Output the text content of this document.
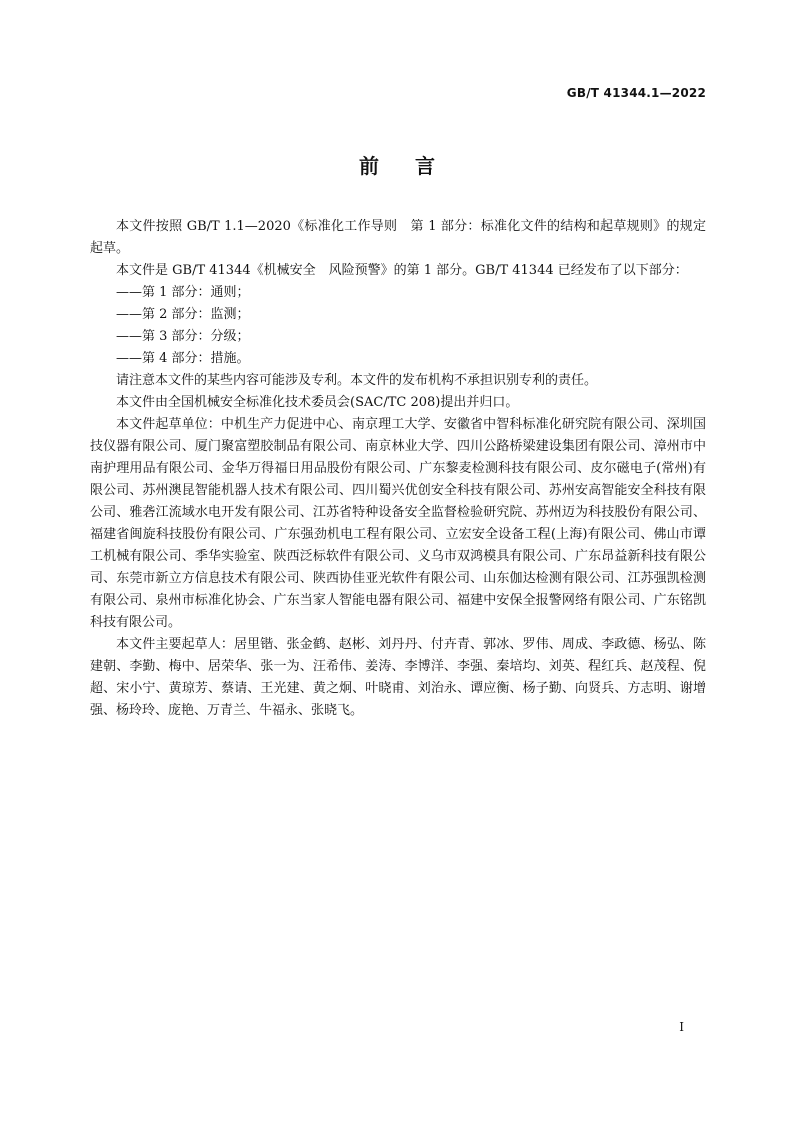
GB/T 41344.1—2022
前 言

本文件按照 GB/T 1.1—2020《标准化工作导则　第 1 部分：标准化文件的结构和起草规则》的规定起草。

本文件是 GB/T 41344《机械安全　风险预警》的第 1 部分。GB/T 41344 已经发布了以下部分：

——第 1 部分：通则；

——第 2 部分：监测；

——第 3 部分：分级；

——第 4 部分：措施。

请注意本文件的某些内容可能涉及专利。本文件的发布机构不承担识别专利的责任。

本文件由全国机械安全标准化技术委员会(SAC/TC 208)提出并归口。

本文件起草单位：中机生产力促进中心、南京理工大学、安徽省中智科标准化研究院有限公司、深圳国技仪器有限公司、厦门聚富塑胶制品有限公司、南京林业大学、四川公路桥梁建设集团有限公司、漳州市中南护理用品有限公司、金华万得福日用品股份有限公司、广东黎麦检测科技有限公司、皮尔磁电子(常州)有限公司、苏州澳昆智能机器人技术有限公司、四川蜀兴优创安全科技有限公司、苏州安高智能安全科技有限公司、雅砻江流域水电开发有限公司、江苏省特种设备安全监督检验研究院、苏州迈为科技股份有限公司、福建省闽旋科技股份有限公司、广东强劲机电工程有限公司、立宏安全设备工程(上海)有限公司、佛山市谭工机械有限公司、季华实验室、陕西泛标软件有限公司、义乌市双鸿模具有限公司、广东昂益新科技有限公司、东莞市新立方信息技术有限公司、陕西协佳亚光软件有限公司、山东伽达检测有限公司、江苏强凯检测有限公司、泉州市标准化协会、广东当家人智能电器有限公司、福建中安保全报警网络有限公司、广东铭凯科技有限公司。

本文件主要起草人：居里锴、张金鹤、赵彬、刘丹丹、付卉青、郭冰、罗伟、周成、李政德、杨弘、陈建朝、李勤、梅中、居荣华、张一为、汪希伟、姜涛、李博洋、李强、秦培均、刘英、程红兵、赵茂程、倪超、宋小宁、黄琼芳、蔡请、王光建、黄之炯、叶晓甫、刘治永、谭应衡、杨子勤、向贤兵、方志明、谢增强、杨玲玲、庞艳、万青兰、牛福永、张晓飞。

I
